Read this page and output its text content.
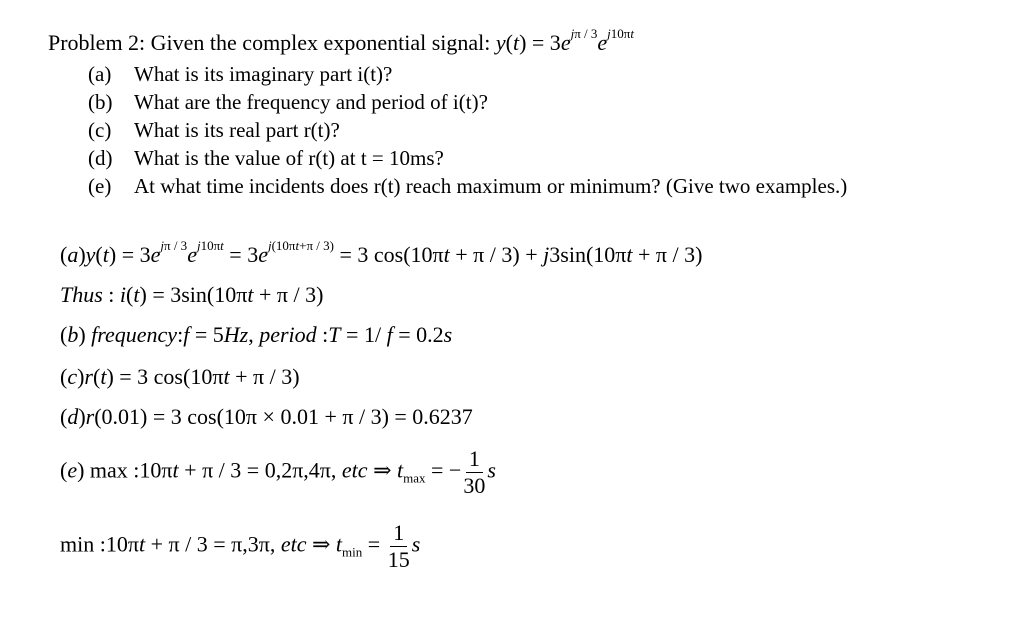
Problem 2: Given the complex exponential signal: $y(t) = 3e^{j\pi / 3}e^{j10\pi t}$
(a) What is its imaginary part i(t)?
(b) What are the frequency and period of i(t)?
(c) What is its real part r(t)?
(d) What is the value of r(t) at t = 10ms?
(e) At what time incidents does r(t) reach maximum or minimum? (Give two examples.)
$(a)y(t) = 3e^{j\pi / 3}e^{j10\pi t} = 3e^{j(10\pi t+\pi / 3)} = 3$ cos(10πt + π / 3) + j3sin(10πt + π / 3)
Thus : i(t) = 3sin(10πt + π / 3)
(b) frequency:f = 5Hz, period :T = 1/ f = 0.2s
(c)r(t) = 3 cos(10πt + π / 3)
(d)r(0.01) = 3 cos(10π × 0.01 + π / 3) = 0.6237
(e) max :10πt + π / 3 = 0,2π,4π, etc ⇒ $t_{max}$ = − $\frac{1}{30}$ s
min :10πt + π / 3 = π,3π, etc ⇒ $t_{min} = \frac{1}{15}$ s
